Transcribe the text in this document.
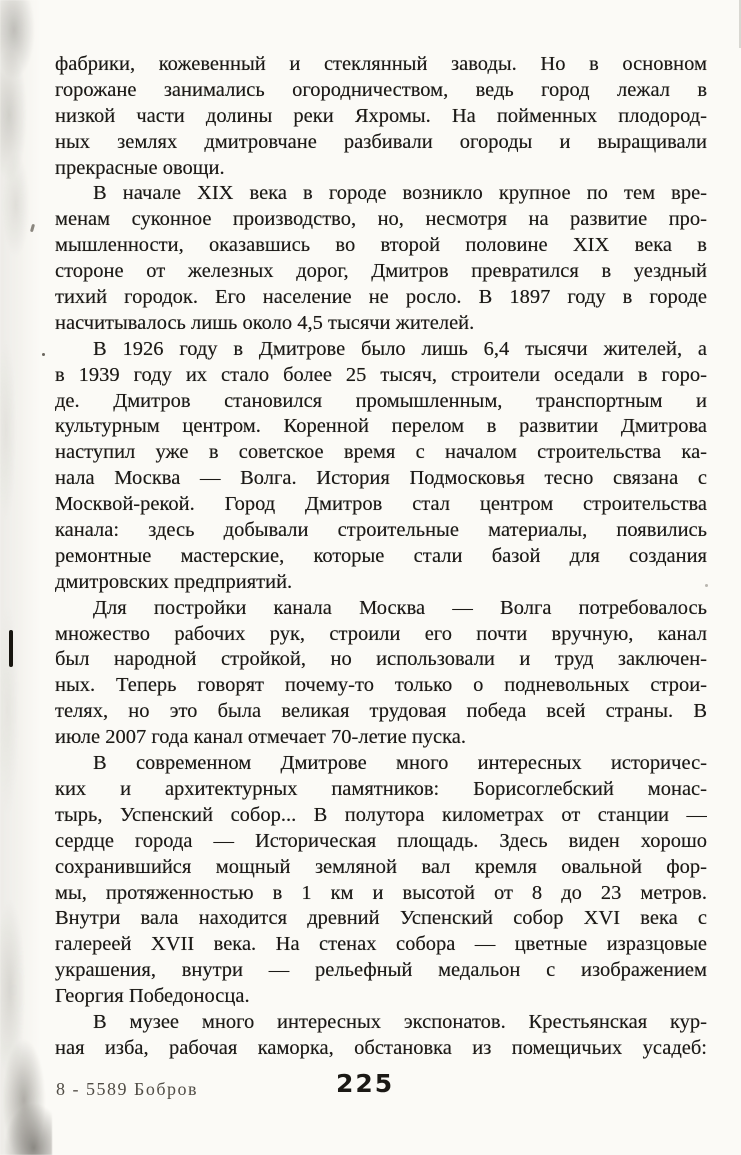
фабрики, кожевенный и стеклянный заводы. Но в основном
горожане занимались огородничеством, ведь город лежал в
низкой части долины реки Яхромы. На пойменных плодород-
ных землях дмитровчане разбивали огороды и выращивали
прекрасные овощи.
В начале XIX века в городе возникло крупное по тем вре-
менам суконное производство, но, несмотря на развитие про-
мышленности, оказавшись во второй половине XIX века в
стороне от железных дорог, Дмитров превратился в уездный
тихий городок. Его население не росло. В 1897 году в городе
насчитывалось лишь около 4,5 тысячи жителей.
В 1926 году в Дмитрове было лишь 6,4 тысячи жителей, а
в 1939 году их стало более 25 тысяч, строители оседали в горо-
де. Дмитров становился промышленным, транспортным и
культурным центром. Коренной перелом в развитии Дмитрова
наступил уже в советское время с началом строительства ка-
нала Москва — Волга. История Подмосковья тесно связана с
Москвой-рекой. Город Дмитров стал центром строительства
канала: здесь добывали строительные материалы, появились
ремонтные мастерские, которые стали базой для создания
дмитровских предприятий.
Для постройки канала Москва — Волга потребовалось
множество рабочих рук, строили его почти вручную, канал
был народной стройкой, но использовали и труд заключен-
ных. Теперь говорят почему-то только о подневольных строи-
телях, но это была великая трудовая победа всей страны. В
июле 2007 года канал отмечает 70-летие пуска.
В современном Дмитрове много интересных историчес-
ких и архитектурных памятников: Борисоглебский монас-
тырь, Успенский собор... В полутора километрах от станции —
сердце города — Историческая площадь. Здесь виден хорошо
сохранившийся мощный земляной вал кремля овальной фор-
мы, протяженностью в 1 км и высотой от 8 до 23 метров.
Внутри вала находится древний Успенский собор XVI века с
галереей XVII века. На стенах собора — цветные изразцовые
украшения, внутри — рельефный медальон с изображением
Георгия Победоносца.
В музее много интересных экспонатов. Крестьянская кур-
ная изба, рабочая каморка, обстановка из помещичьих усадеб:
8 - 5589 Бобров	225
